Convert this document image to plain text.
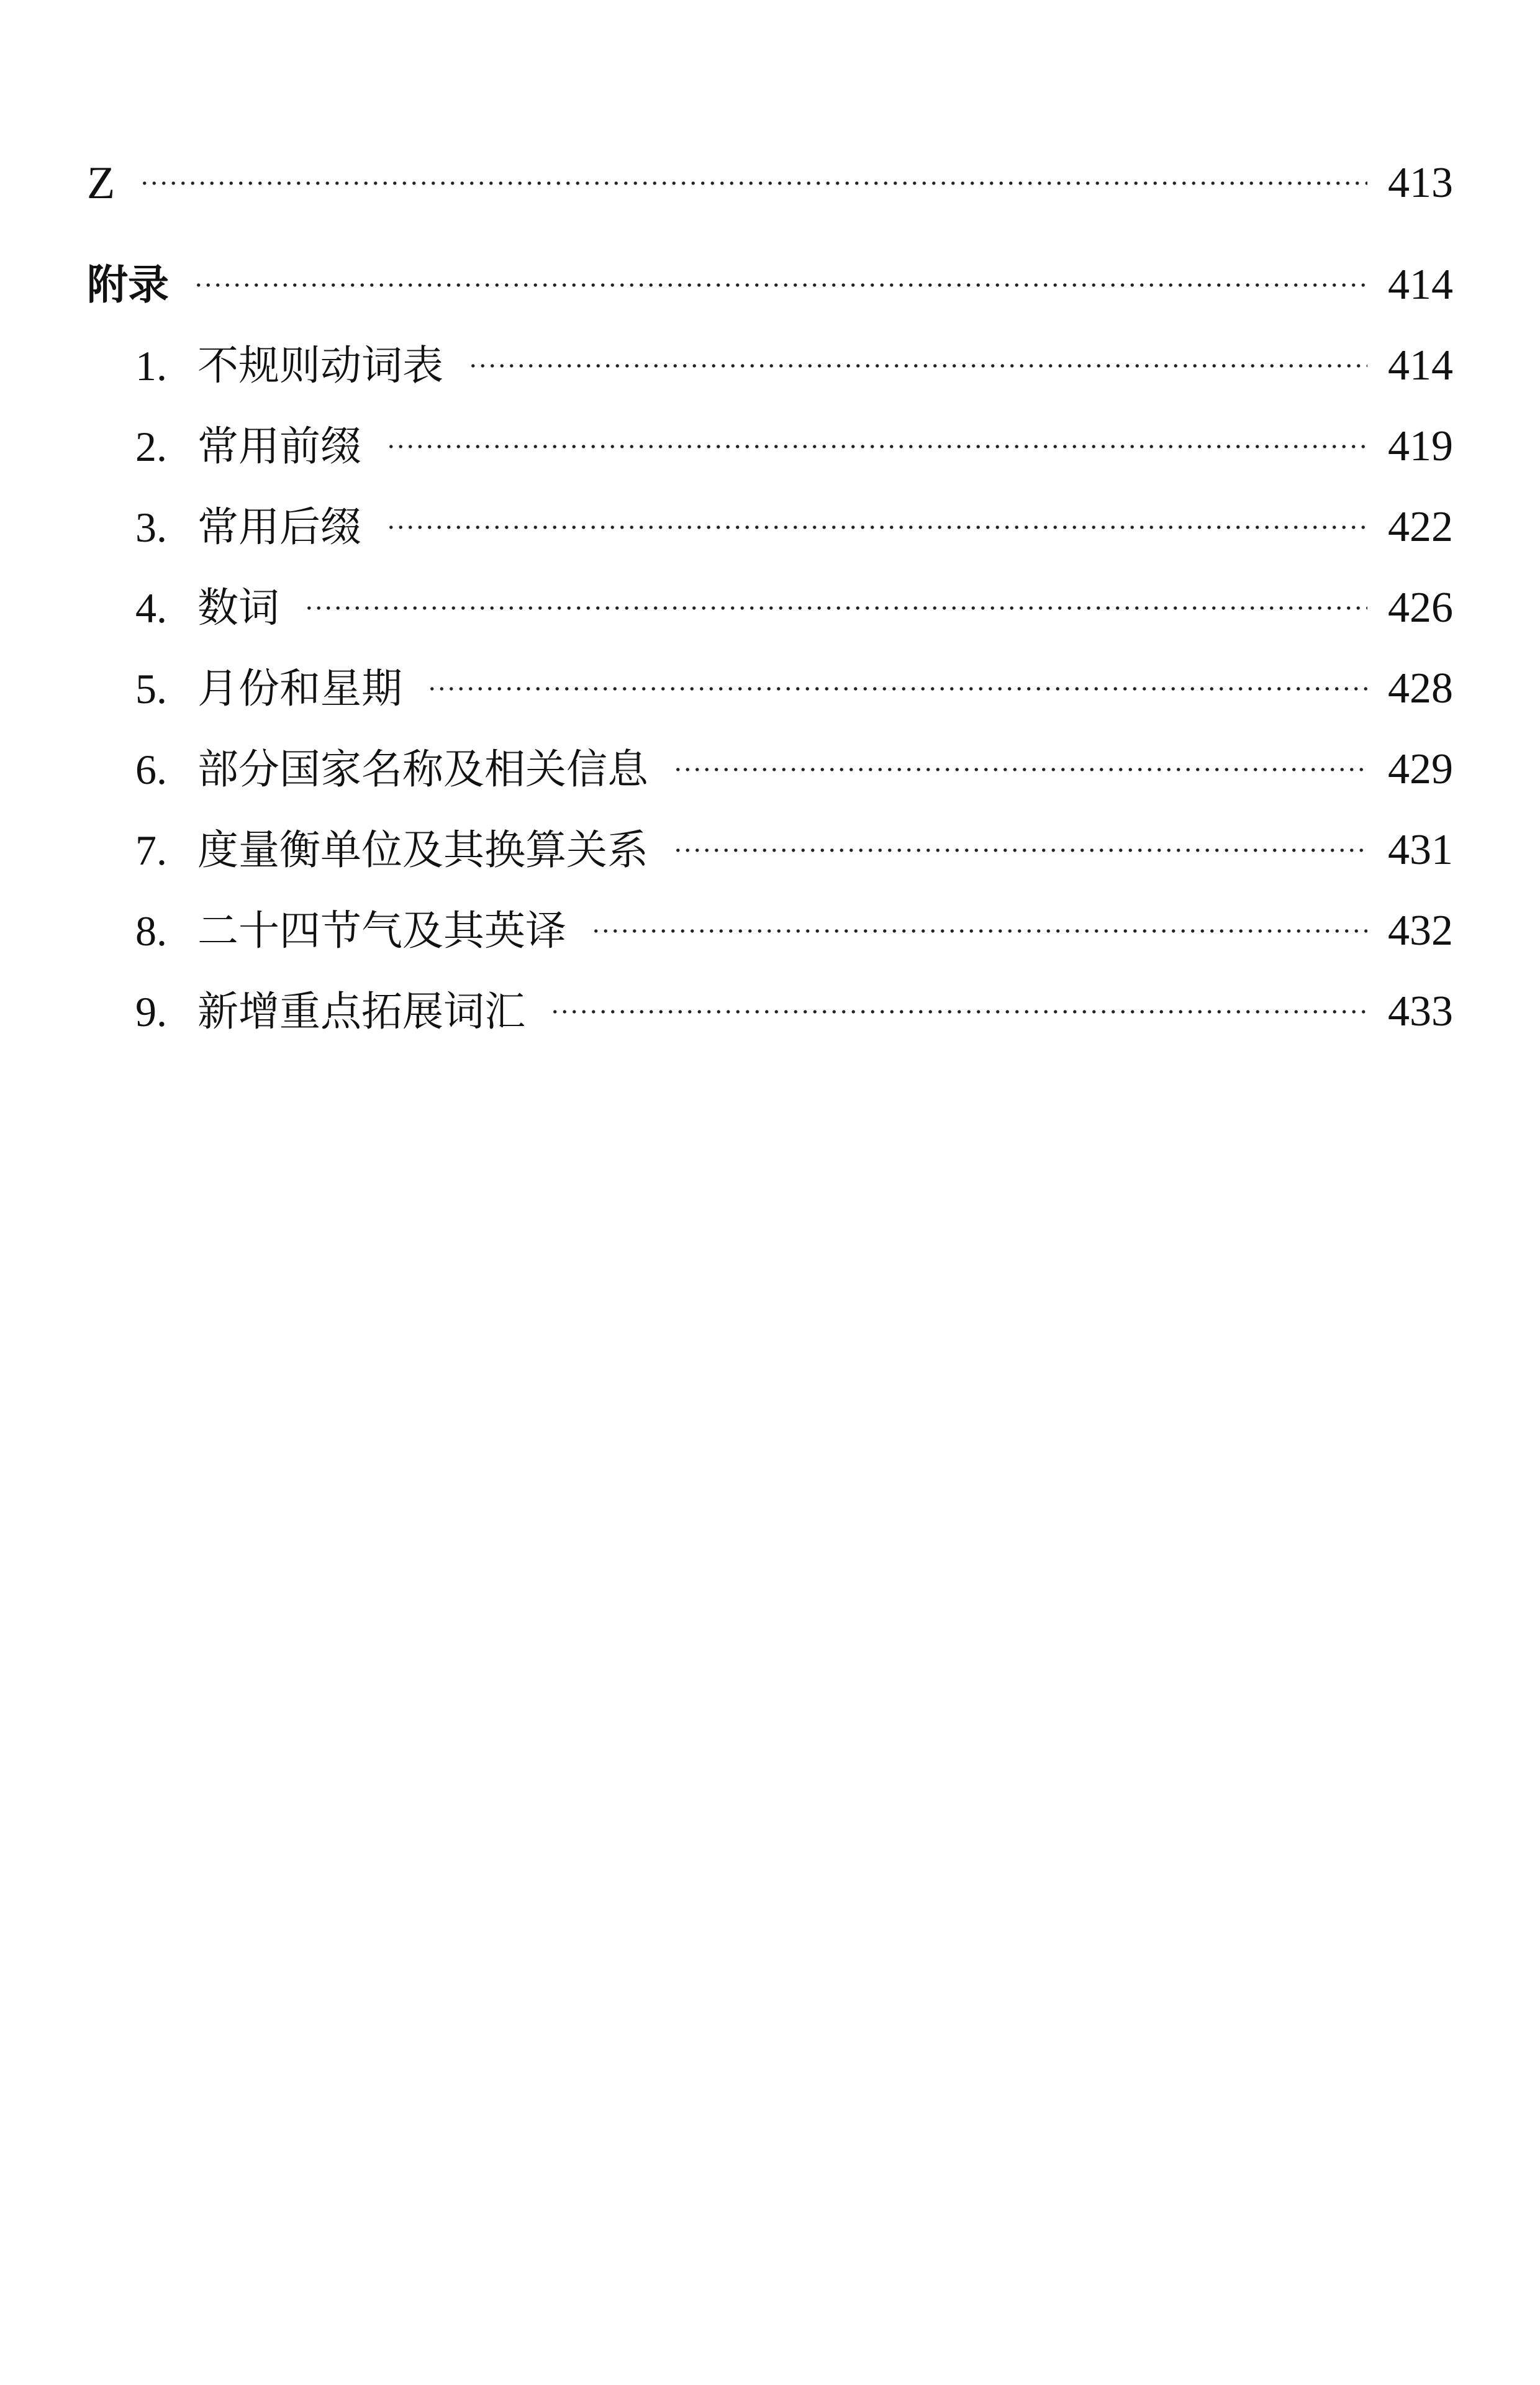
Z	413
附录	414
1. 不规则动词表	414
2. 常用前缀	419
3. 常用后缀	422
4. 数词	426
5. 月份和星期	428
6. 部分国家名称及相关信息	429
7. 度量衡单位及其换算关系	431
8. 二十四节气及其英译	432
9. 新增重点拓展词汇	433
